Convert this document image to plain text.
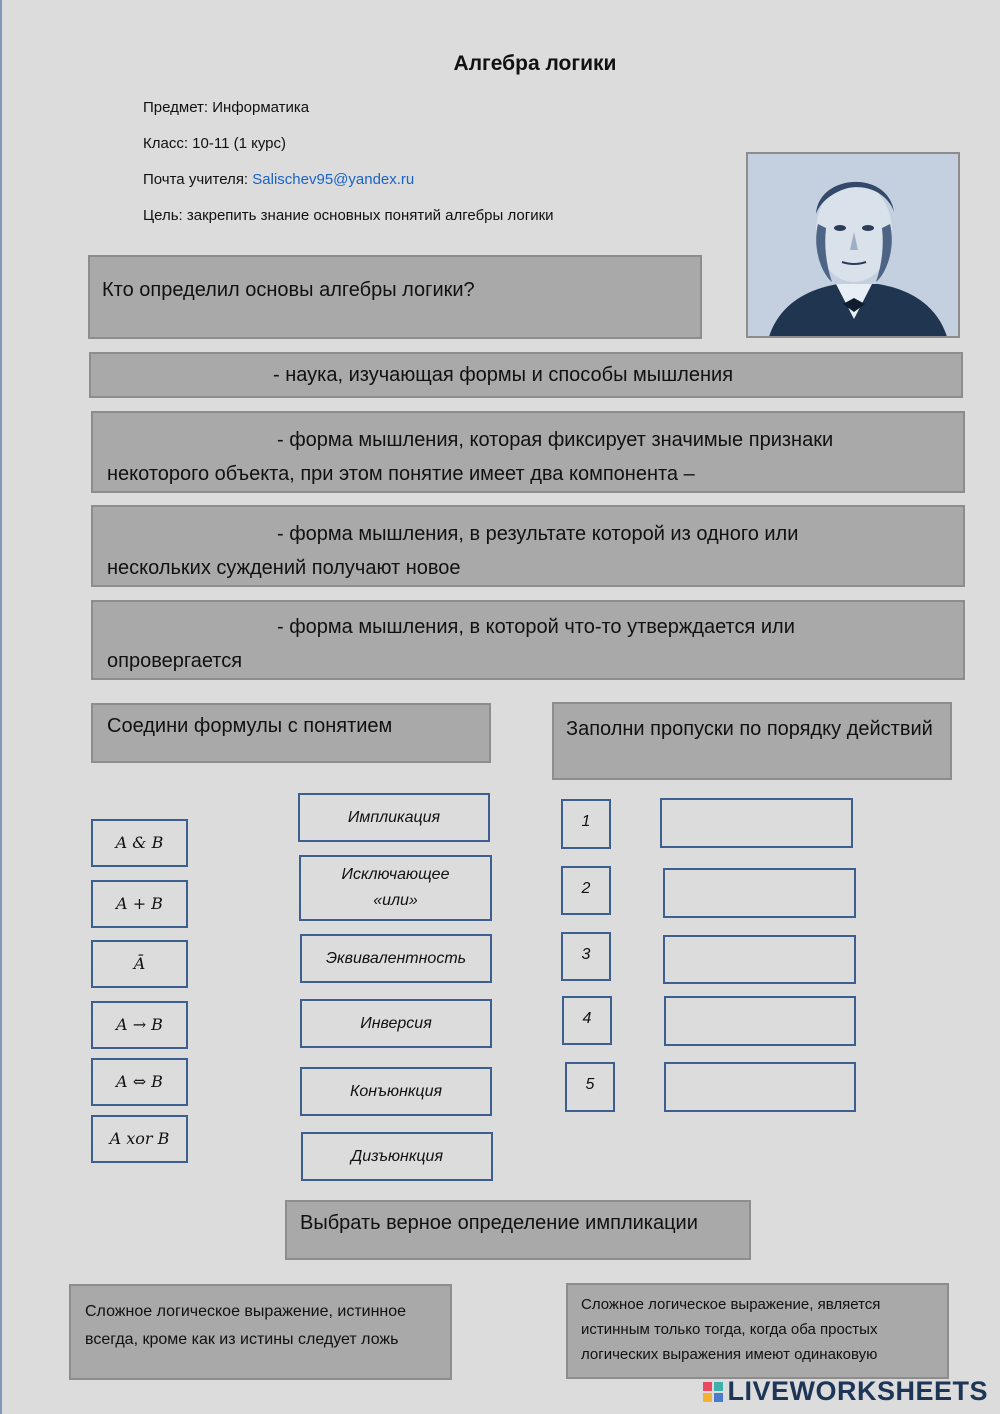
Алгебра логики
Предмет: Информатика
Класс: 10-11 (1 курс)
Почта учителя: Salischev95@yandex.ru
Цель: закрепить знание основных понятий алгебры логики
Кто определил основы алгебры логики?
- наука, изучающая формы и способы мышления
- форма мышления, которая фиксирует значимые признаки
некоторого объекта, при этом понятие имеет два компонента –
- форма мышления, в результате которой из одного или
нескольких суждений получают новое
- форма мышления, в которой что-то утверждается или
опровергается
Соедини формулы с понятием	Заполни пропуски по порядку действий
A & B
A + B
Ā
A → B
A ⇔ B
A xor B
Импликация
Исключающее «или»
Эквивалентность
Инверсия
Конъюнкция
Дизъюнкция
1
2
3
4
5
Выбрать верное определение импликации
Сложное логическое выражение, истинное всегда, кроме как из истины следует ложь
Сложное логическое выражение, является истинным только тогда, когда оба простых логических выражения имеют одинаковую
LIVEWORKSHEETS
